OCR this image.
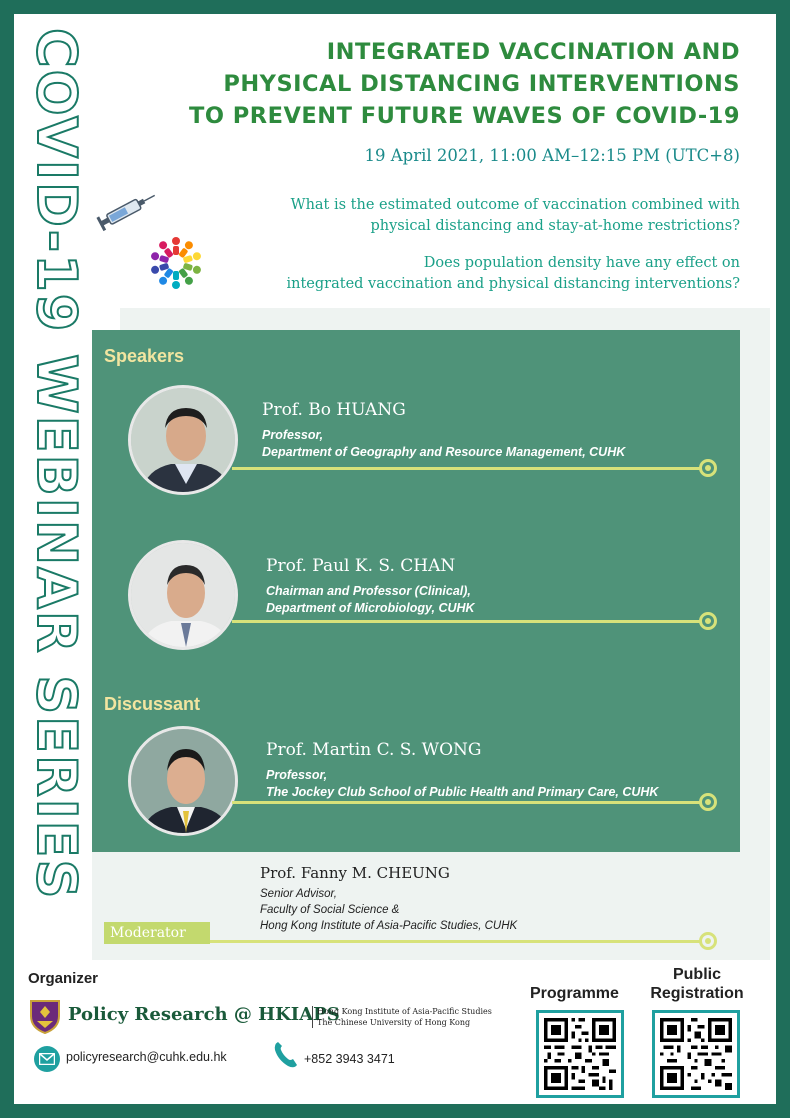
COVID-19 WEBINAR SERIES	INTEGRATED VACCINATION AND
PHYSICAL DISTANCING INTERVENTIONS
TO PREVENT FUTURE WAVES OF COVID-19
19 April 2021, 11:00 AM–12:15 PM (UTC+8)
What is the estimated outcome of vaccination combined with
physical distancing and stay-at-home restrictions?
Does population density have any effect on
integrated vaccination and physical distancing interventions?
Speakers
Prof. Bo HUANG
Professor,
Department of Geography and Resource Management, CUHK
Prof. Paul K. S. CHAN
Chairman and Professor (Clinical),
Department of Microbiology, CUHK
Discussant
Prof. Martin C. S. WONG
Professor,
The Jockey Club School of Public Health and Primary Care, CUHK
Prof. Fanny M. CHEUNG
Senior Advisor,
Faculty of Social Science &
Hong Kong Institute of Asia-Pacific Studies, CUHK
Moderator
Organizer
Policy Research @ HKIAPS
Hong Kong Institute of Asia-Pacific Studies
The Chinese University of Hong Kong
policyresearch@cuhk.edu.hk	+852 3943 3471
Programme
Public
Registration
